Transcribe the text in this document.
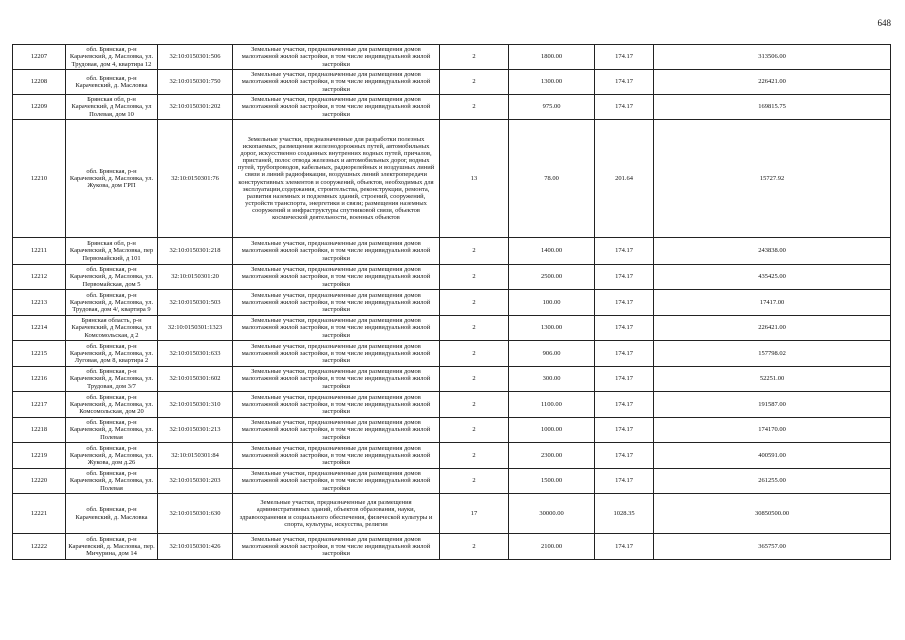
648
12207	обл. Брянская, р-н Карачевский, д. Масловка, ул. Трудовая, дом 4, квартира 12	32:10:0150301:506	Земельные участки, предназначенные для размещения домов малоэтажной жилой застройки, в том числе индивидуальной жилой застройки	2	1800.00	174.17	313506.00
12208	обл. Брянская, р-н Карачевский, д. Масловка	32:10:0150301:750	Земельные участки, предназначенные для размещения домов малоэтажной жилой застройки, в том числе индивидуальной жилой застройки	2	1300.00	174.17	226421.00
12209	Брянская обл, р-н Карачевский, д Масловка, ул Полевая, дом 10	32:10:0150301:202	Земельные участки, предназначенные для размещения домов малоэтажной жилой застройки, в том числе индивидуальной жилой застройки	2	975.00	174.17	169815.75
12210	обл. Брянская, р-н Карачевский, д. Масловка, ул. Жукова, дом ГРП	32:10:0150301:76	Земельные участки, предназначенные для разработки полезных ископаемых, размещения железнодорожных путей, автомобильных дорог, искусственно созданных внутренних водных путей, причалов, пристаней, полос отвода железных и автомобильных дорог, водных путей, трубопроводов, кабельных, радиорелейных и воздушных линий связи и линий радиофикации, воздушных линий электропередачи конструктивных элементов и сооружений, объектов, необходимых для эксплуатации,содержания, строительства, реконструкции, ремонта, развития наземных и подземных зданий, строений, сооружений, устройств транспорта, энергетики и связи; размещения наземных сооружений и инфраструктуры спутниковой связи, объектов космической деятельности, военных объектов	13	78.00	201.64	15727.92
12211	Брянская обл, р-н Карачевский, д Масловка, пер Первомайский, д 101	32:10:0150301:218	Земельные участки, предназначенные для размещения домов малоэтажной жилой застройки, в том числе индивидуальной жилой застройки	2	1400.00	174.17	243838.00
12212	обл. Брянская, р-н Карачевский, д. Масловка, ул. Первомайская, дом 5	32:10:0150301:20	Земельные участки, предназначенные для размещения домов малоэтажной жилой застройки, в том числе индивидуальной жилой застройки	2	2500.00	174.17	435425.00
12213	обл. Брянская, р-н Карачевский, д. Масловка, ул. Трудовая, дом 4/, квартира 9	32:10:0150301:503	Земельные участки, предназначенные для размещения домов малоэтажной жилой застройки, в том числе индивидуальной жилой застройки	2	100.00	174.17	17417.00
12214	Брянская область, р-н Карачевский, д Масловка, ул Комсомольская, д 2	32:10:0150301:1323	Земельные участки, предназначенные для размещения домов малоэтажной жилой застройки, в том числе индивидуальной жилой застройки	2	1300.00	174.17	226421.00
12215	обл. Брянская, р-н Карачевский, д. Масловка, ул. Луговая, дом 8, квартира 2	32:10:0150301:633	Земельные участки, предназначенные для размещения домов малоэтажной жилой застройки, в том числе индивидуальной жилой застройки	2	906.00	174.17	157798.02
12216	обл. Брянская, р-н Карачевский, д. Масловка, ул. Трудовая, дом 3/7	32:10:0150301:602	Земельные участки, предназначенные для размещения домов малоэтажной жилой застройки, в том числе индивидуальной жилой застройки	2	300.00	174.17	52251.00
12217	обл. Брянская, р-н Карачевский, д. Масловка, ул. Комсомольская, дом 20	32:10:0150301:310	Земельные участки, предназначенные для размещения домов малоэтажной жилой застройки, в том числе индивидуальной жилой застройки	2	1100.00	174.17	191587.00
12218	обл. Брянская, р-н Карачевский, д. Масловка, ул. Полевая	32:10:0150301:213	Земельные участки, предназначенные для размещения домов малоэтажной жилой застройки, в том числе индивидуальной жилой застройки	2	1000.00	174.17	174170.00
12219	обл. Брянская, р-н Карачевский, д. Масловка, ул. Жукова, дом д.26	32:10:0150301:84	Земельные участки, предназначенные для размещения домов малоэтажной жилой застройки, в том числе индивидуальной жилой застройки	2	2300.00	174.17	400591.00
12220	обл. Брянская, р-н Карачевский, д. Масловка, ул. Полевая	32:10:0150301:203	Земельные участки, предназначенные для размещения домов малоэтажной жилой застройки, в том числе индивидуальной жилой застройки	2	1500.00	174.17	261255.00
12221	обл. Брянская, р-н Карачевский, д. Масловка	32:10:0150301:630	Земельные участки, предназначенные для размещения административных зданий, объектов образования, науки, здравоохранения и социального обеспечения, физической культуры и спорта, культуры, искусства, религии	17	30000.00	1028.35	30850500.00
12222	обл. Брянская, р-н Карачевский, д. Масловка, пер. Мичурина, дом 14	32:10:0150301:426	Земельные участки, предназначенные для размещения домов малоэтажной жилой застройки, в том числе индивидуальной жилой застройки	2	2100.00	174.17	365757.00
